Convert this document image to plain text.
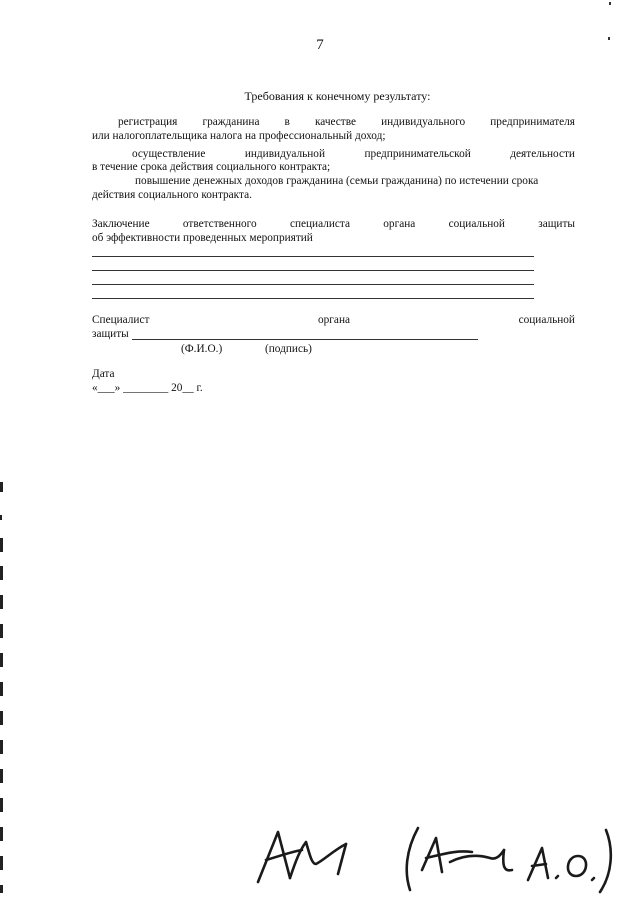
7
Требования к конечному результату:
регистрация гражданина в качестве индивидуального предпринимателя
или налогоплательщика налога на профессиональный доход;
осуществление	индивидуальной	предпринимательской	деятельности
в течение срока действия социального контракта;
повышение денежных доходов гражданина (семьи гражданина) по истечении срока
действия социального контракта.
Заключение	ответственного	специалиста	органа	социальной	защиты
об эффективности проведенных мероприятий
Специалист	органа	социальной
защиты
(Ф.И.О.)	(подпись)
Дата
«___» ________ 20__ г.
